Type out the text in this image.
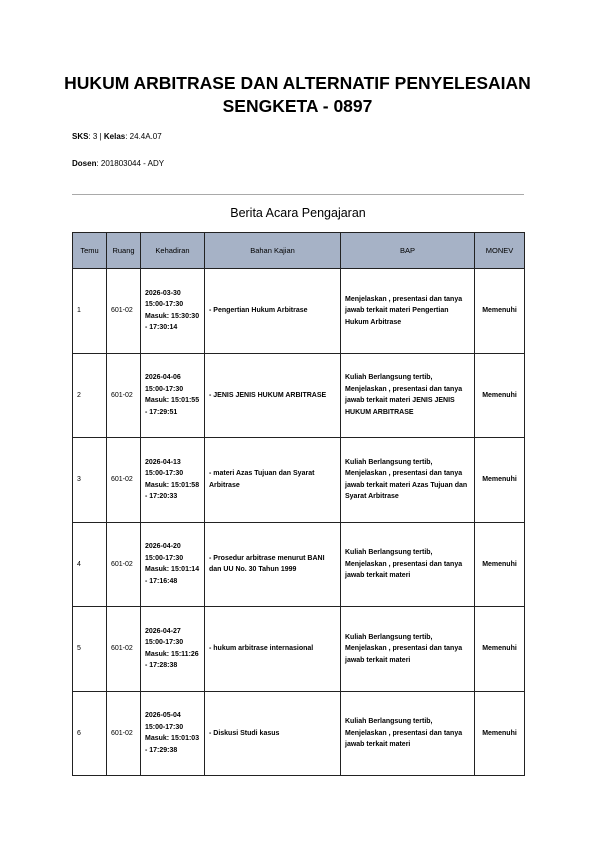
HUKUM ARBITRASE DAN ALTERNATIF PENYELESAIAN
SENGKETA - 0897
SKS: 3 | Kelas: 24.4A.07
Dosen: 201803044 - ADY
Berita Acara Pengajaran
Temu	Ruang	Kehadiran	Bahan Kajian	BAP	MONEV
1	601-02	2026-03-30 15:00-17:30 Masuk: 15:30:30 - 17:30:14	- Pengertian Hukum Arbitrase	Menjelaskan , presentasi dan tanya jawab terkait materi Pengertian Hukum Arbitrase	Memenuhi
2	601-02	2026-04-06 15:00-17:30 Masuk: 15:01:55 - 17:29:51	- JENIS JENIS HUKUM ARBITRASE	Kuliah Berlangsung tertib, Menjelaskan , presentasi dan tanya jawab terkait materi JENIS JENIS HUKUM ARBITRASE	Memenuhi
3	601-02	2026-04-13 15:00-17:30 Masuk: 15:01:58 - 17:20:33	- materi Azas Tujuan dan Syarat Arbitrase	Kuliah Berlangsung tertib, Menjelaskan , presentasi dan tanya jawab terkait materi Azas Tujuan dan Syarat Arbitrase	Memenuhi
4	601-02	2026-04-20 15:00-17:30 Masuk: 15:01:14 - 17:16:48	- Prosedur arbitrase menurut BANI dan UU No. 30 Tahun 1999	Kuliah Berlangsung tertib, Menjelaskan , presentasi dan tanya jawab terkait materi	Memenuhi
5	601-02	2026-04-27 15:00-17:30 Masuk: 15:11:26 - 17:28:38	- hukum arbitrase internasional	Kuliah Berlangsung tertib, Menjelaskan , presentasi dan tanya jawab terkait materi	Memenuhi
6	601-02	2026-05-04 15:00-17:30 Masuk: 15:01:03 - 17:29:38	- Diskusi Studi kasus	Kuliah Berlangsung tertib, Menjelaskan , presentasi dan tanya jawab terkait materi	Memenuhi
